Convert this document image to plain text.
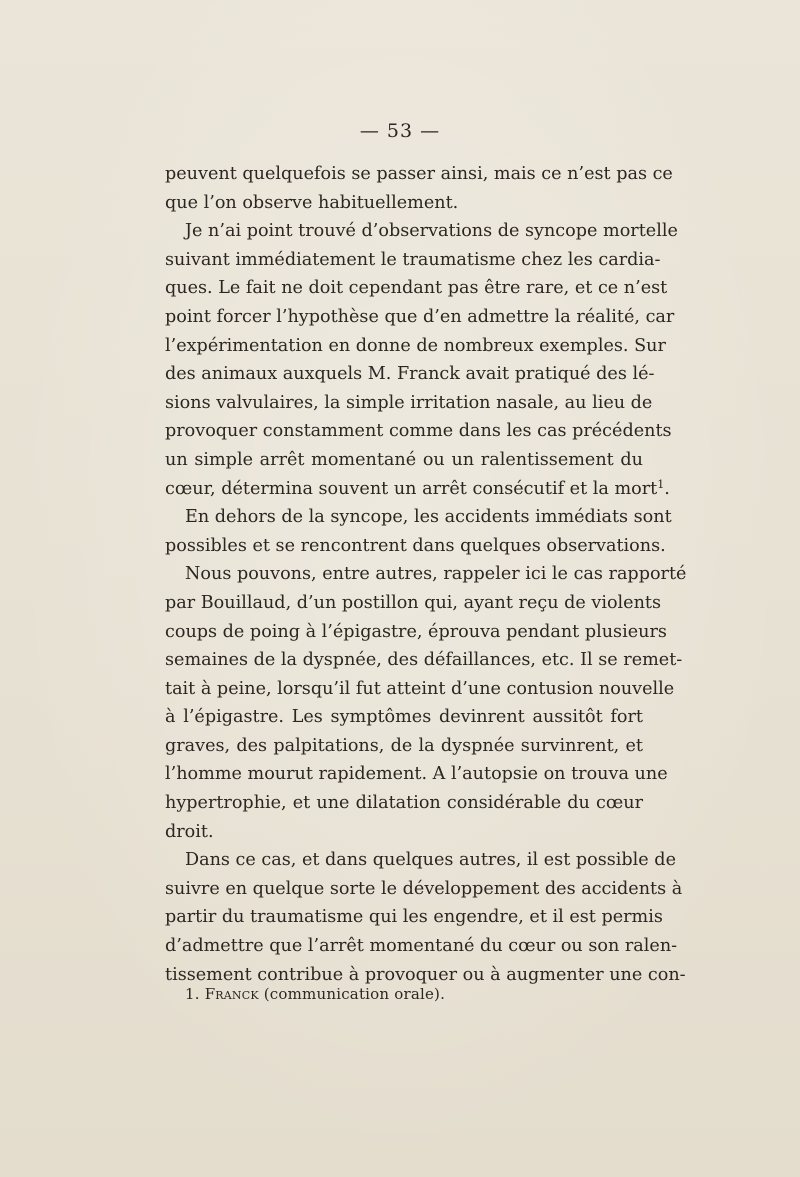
— 53 —
peuvent quelquefois se passer ainsi, mais ce n’est pas ce
que l’on observe habituellement.
Je n’ai point trouvé d’observations de syncope mortelle
suivant immédiatement le traumatisme chez les cardia-
ques. Le fait ne doit cependant pas être rare, et ce n’est
point forcer l’hypothèse que d’en admettre la réalité, car
l’expérimentation en donne de nombreux exemples. Sur
des animaux auxquels M. Franck avait pratiqué des lé-
sions valvulaires, la simple irritation nasale, au lieu de
provoquer constamment comme dans les cas précédents
un simple arrêt momentané ou un ralentissement du
cœur, détermina souvent un arrêt consécutif et la mort$^1$.
En dehors de la syncope, les accidents immédiats sont
possibles et se rencontrent dans quelques observations.
Nous pouvons, entre autres, rappeler ici le cas rapporté
par Bouillaud, d’un postillon qui, ayant reçu de violents
coups de poing à l’épigastre, éprouva pendant plusieurs
semaines de la dyspnée, des défaillances, etc. Il se remet-
tait à peine, lorsqu’il fut atteint d’une contusion nouvelle
à l’épigastre. Les symptômes devinrent aussitôt fort
graves, des palpitations, de la dyspnée survinrent, et
l’homme mourut rapidement. A l’autopsie on trouva une
hypertrophie, et une dilatation considérable du cœur
droit.
Dans ce cas, et dans quelques autres, il est possible de
suivre en quelque sorte le développement des accidents à
partir du traumatisme qui les engendre, et il est permis
d’admettre que l’arrêt momentané du cœur ou son ralen-
tissement contribue à provoquer ou à augmenter une con-
1. Franck (communication orale).
